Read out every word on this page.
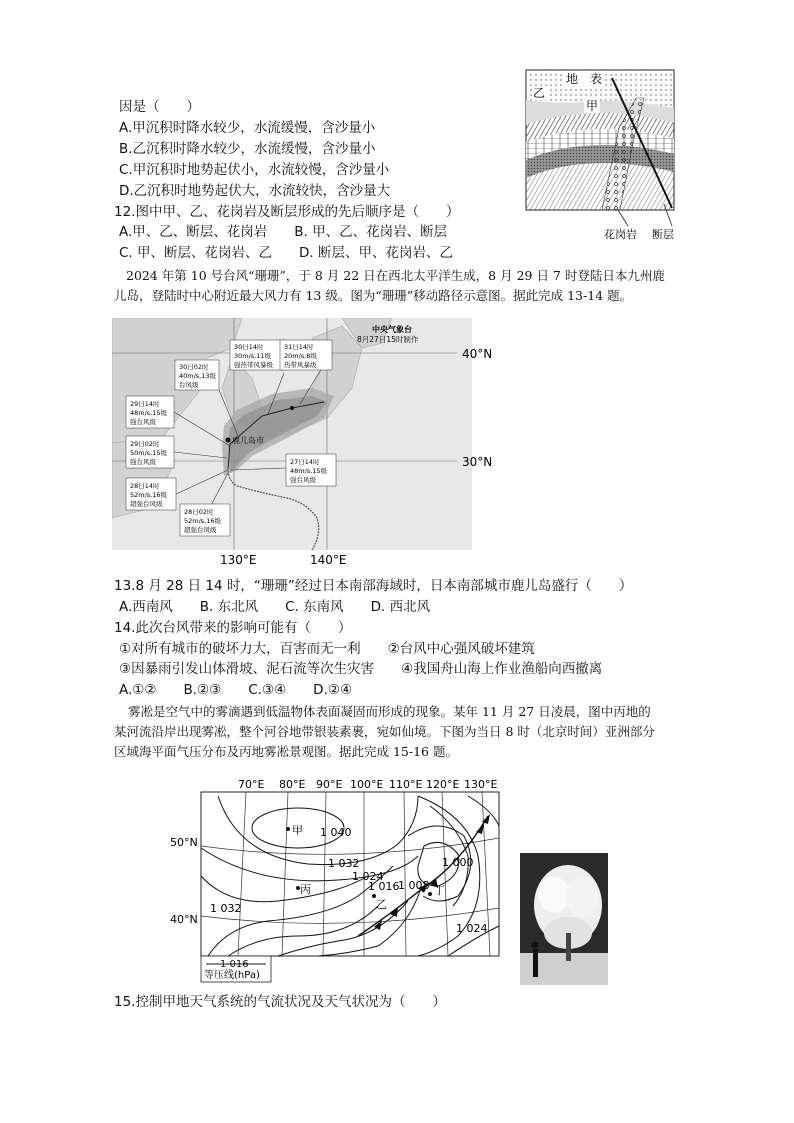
因是（　　）
A.甲沉积时降水较少，水流缓慢，含沙量小
B.乙沉积时降水较少，水流缓慢，含沙量小
C.甲沉积时地势起伏小，水流较慢，含沙量小
D.乙沉积时地势起伏大，水流较快，含沙量大
12.图中甲、乙、花岗岩及断层形成的先后顺序是（　　）
A.甲、乙、断层、花岗岩　　B. 甲、乙、花岗岩、断层
C. 甲、断层、花岗岩、乙　　D. 断层、甲、花岗岩、乙
地 表
乙
甲
花岗岩 断层
2024 年第 10 号台风“珊珊”，于 8 月 22 日在西北太平洋生成，8 月 29 日 7 时登陆日本九州鹿
儿岛，登陆时中心附近最大风力有 13 级。图为“珊珊”移动路径示意图。据此完成 13-14 题。
中央气象台
8月27日15时制作
鹿儿岛市
30日02时
40m/s,13级
台风级
30日14时
30m/s,11级
强热带风暴级
31日14时
20m/s,8级
热带风暴级
29日14时
48m/s,15级
强台风级
29日02时
50m/s,15级
强台风级	27日14时
48m/s,15级
强台风级
28日14时
52m/s,16级
超强台风级
28日02时
52m/s,16级
超强台风级
40°N
30°N
130°E	140°E
13.8 月 28 日 14 时，“珊珊”经过日本南部海域时，日本南部城市鹿儿岛盛行（　　）
A.西南风　　B. 东北风　　C. 东南风　　D. 西北风
14.此次台风带来的影响可能有（　　）
①对所有城市的破坏力大，百害而无一利　　②台风中心强风破坏建筑
③因暴雨引发山体滑坡、泥石流等次生灾害　　④我国舟山海上作业渔船向西撤离
A.①②　　B.②③　　C.③④　　D.②④
雾凇是空气中的雾滴遇到低温物体表面凝固而形成的现象。某年 11 月 27 日凌晨，图中丙地的
某河流沿岸出现雾凇，整个河谷地带银装素裹，宛如仙境。下图为当日 8 时（北京时间）亚洲部分
区域海平面气压分布及丙地雾凇景观图。据此完成 15-16 题。
70°E 80°E 90°E 100°E 110°E 120°E 130°E
50°N
40°N
甲
丙
乙
丁
1 040
1 032
1 032
1 024
1 024
1 016
1 008
1 000
1 016
等压线(hPa)
15.控制甲地天气系统的气流状况及天气状况为（　　）
